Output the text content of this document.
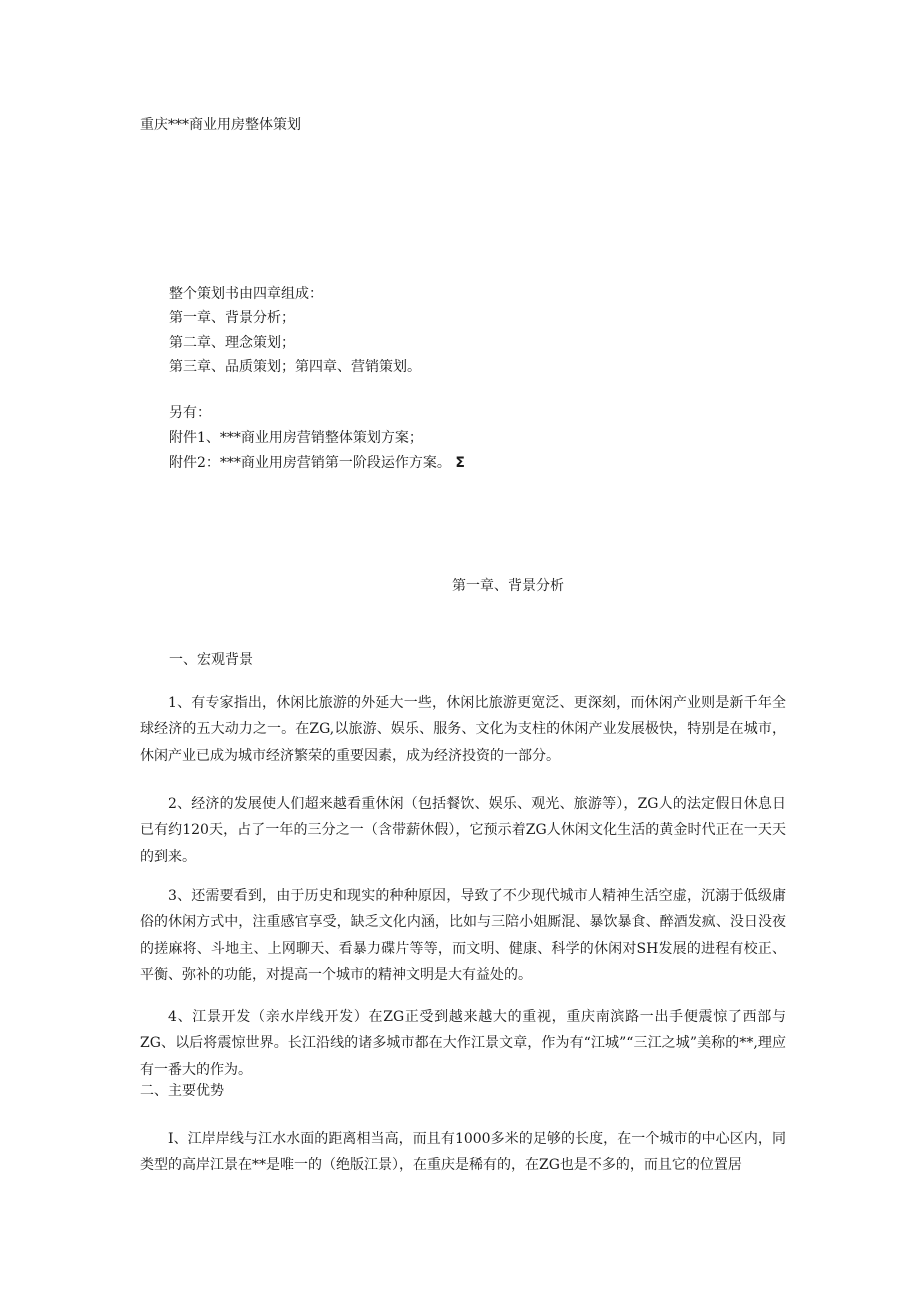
重庆***商业用房整体策划
整个策划书由四章组成：
第一章、背景分析；
第二章、理念策划；
第三章、品质策划；第四章、营销策划。
另有：
附件1、***商业用房营销整体策划方案；
附件2：***商业用房营销第一阶段运作方案。 Σ
第一章、背景分析
一、宏观背景
1、有专家指出，休闲比旅游的外延大一些，休闲比旅游更宽泛、更深刻，而休闲产业则是新千年全球经济的五大动力之一。在ZG,以旅游、娱乐、服务、文化为支柱的休闲产业发展极快，特别是在城市，休闲产业已成为城市经济繁荣的重要因素，成为经济投资的一部分。
2、经济的发展使人们超来越看重休闲（包括餐饮、娱乐、观光、旅游等），ZG人的法定假日休息日已有约120天，占了一年的三分之一（含带薪休假），它预示着ZG人休闲文化生活的黄金时代正在一天天的到来。
3、还需要看到，由于历史和现实的种种原因，导致了不少现代城市人精神生活空虚，沉溺于低级庸俗的休闲方式中，注重感官享受，缺乏文化内涵，比如与三陪小姐厮混、暴饮暴食、醉酒发疯、没日没夜的搓麻将、斗地主、上网聊天、看暴力碟片等等，而文明、健康、科学的休闲对SH发展的进程有校正、平衡、弥补的功能，对提高一个城市的精神文明是大有益处的。
4、江景开发（亲水岸线开发）在ZG正受到越来越大的重视，重庆南滨路一出手便震惊了西部与ZG、以后将震惊世界。长江沿线的诸多城市都在大作江景文章，作为有“江城”“三江之城”美称的**,理应有一番大的作为。
二、主要优势
I、江岸岸线与江水水面的距离相当高，而且有1000多米的足够的长度，在一个城市的中心区内，同类型的高岸江景在**是唯一的（绝版江景），在重庆是稀有的，在ZG也是不多的，而且它的位置居
